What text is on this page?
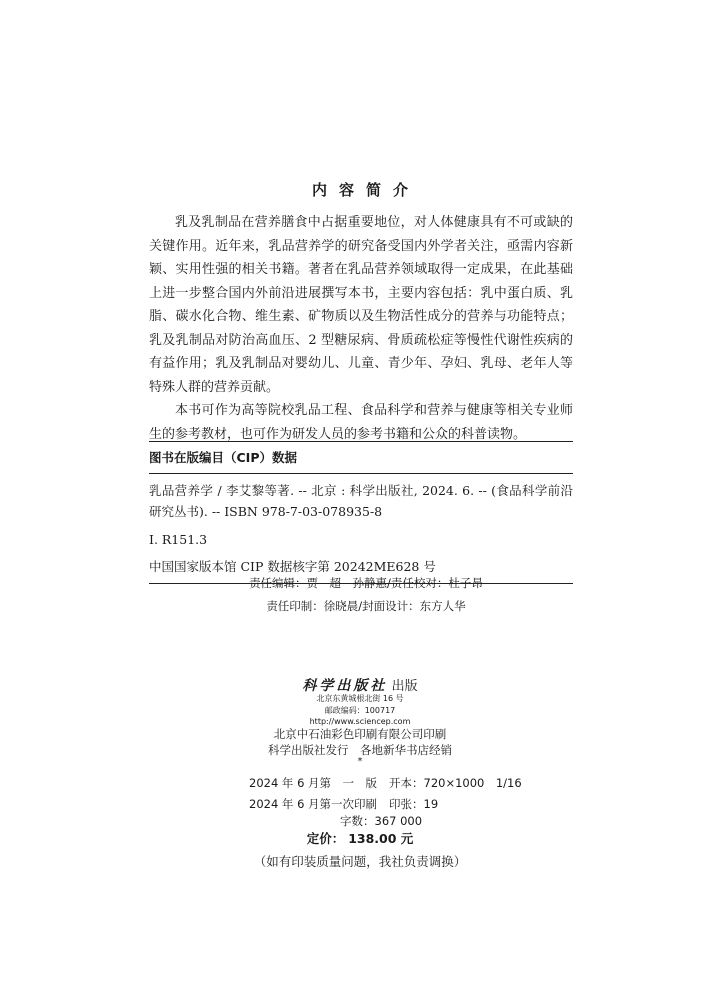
内容简介

乳及乳制品在营养膳食中占据重要地位，对人体健康具有不可或缺的关键作用。近年来，乳品营养学的研究备受国内外学者关注，亟需内容新颖、实用性强的相关书籍。著者在乳品营养领域取得一定成果，在此基础上进一步整合国内外前沿进展撰写本书，主要内容包括：乳中蛋白质、乳脂、碳水化合物、维生素、矿物质以及生物活性成分的营养与功能特点；乳及乳制品对防治高血压、2 型糖尿病、骨质疏松症等慢性代谢性疾病的有益作用；乳及乳制品对婴幼儿、儿童、青少年、孕妇、乳母、老年人等特殊人群的营养贡献。

本书可作为高等院校乳品工程、食品科学和营养与健康等相关专业师生的参考教材，也可作为研发人员的参考书籍和公众的科普读物。

图书在版编目（CIP）数据
乳品营养学 / 李艾黎等著. -- 北京 : 科学出版社, 2024. 6. -- (食品科学前沿研究丛书). -- ISBN 978-7-03-078935-8
Ⅰ. R151.3
中国国家版本馆 CIP 数据核字第 20242ME628 号
责任编辑：贾　超　孙静惠/责任校对：杜子昂
责任印制：徐晓晨/封面设计：东方人华
科学出版社 出版
北京东黄城根北街 16 号
邮政编码：100717
http://www.sciencep.com
北京中石油彩色印刷有限公司印刷
科学出版社发行　各地新华书店经销
*
2024 年 6 月第　一　版 开本：720×1000　1/16
2024 年 6 月第一次印刷 印张：19
字数：367 000
定价： 138.00 元
（如有印装质量问题，我社负责调换）
